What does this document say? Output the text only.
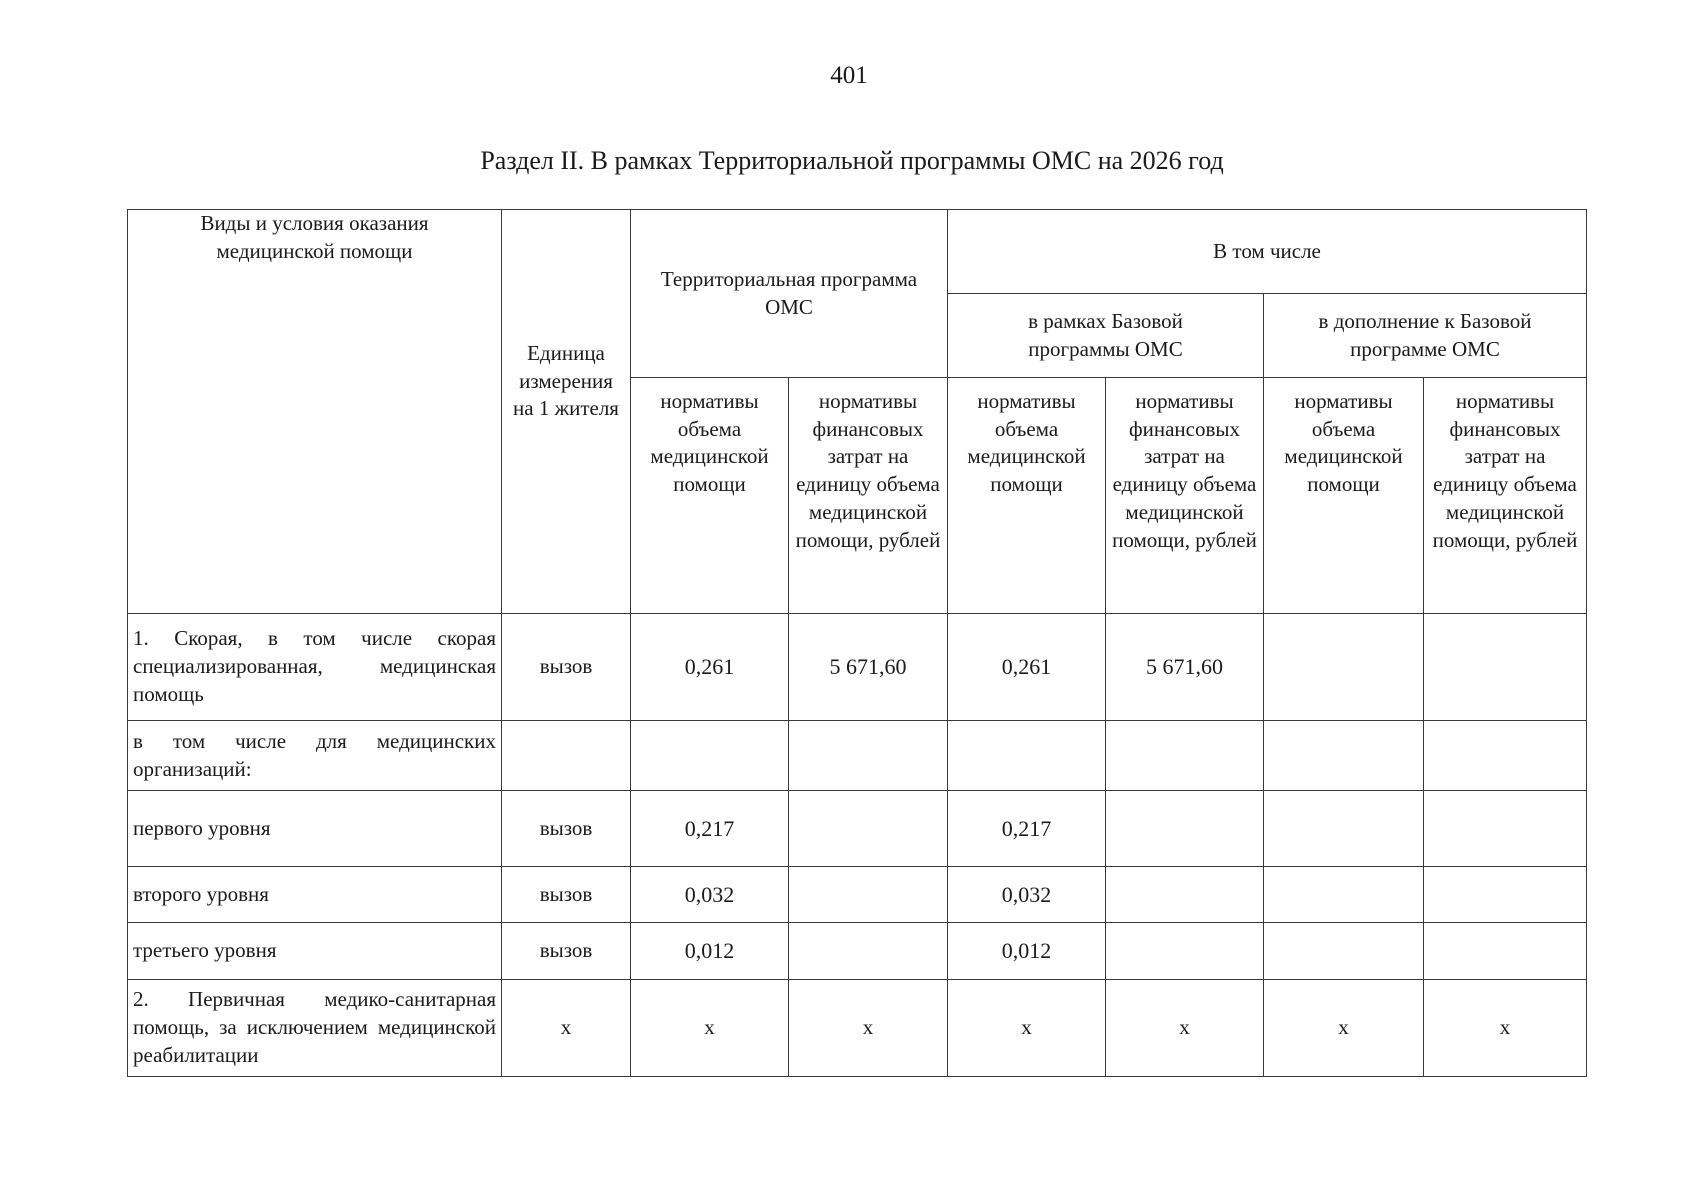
401
Раздел II. В рамках Территориальной программы ОМС на 2026 год
Виды и условия оказания медицинской помощи	Единица измерения на 1 жителя	Территориальная программа ОМС		В том числе			

				в рамках Базовой программы ОМС		в дополнение к Базовой программе ОМС	

		нормативы объема медицинской помощи	нормативы финансовых затрат на единицу объема медицинской помощи, рублей	нормативы объема медицинской помощи	нормативы финансовых затрат на единицу объема медицинской помощи, рублей	нормативы объема медицинской помощи	нормативы финансовых затрат на единицу объема медицинской помощи, рублей
1. Скорая, в том числе скорая специализированная, медицинская помощь	вызов	0,261	5 671,60	0,261	5 671,60		
в том числе для медицинских организаций:							
первого уровня	вызов	0,217		0,217			
второго уровня	вызов	0,032		0,032			
третьего уровня	вызов	0,012		0,012			
2. Первичная медико-санитарная помощь, за исключением медицинской реабилитации	х	х	х	х	х	х	х
